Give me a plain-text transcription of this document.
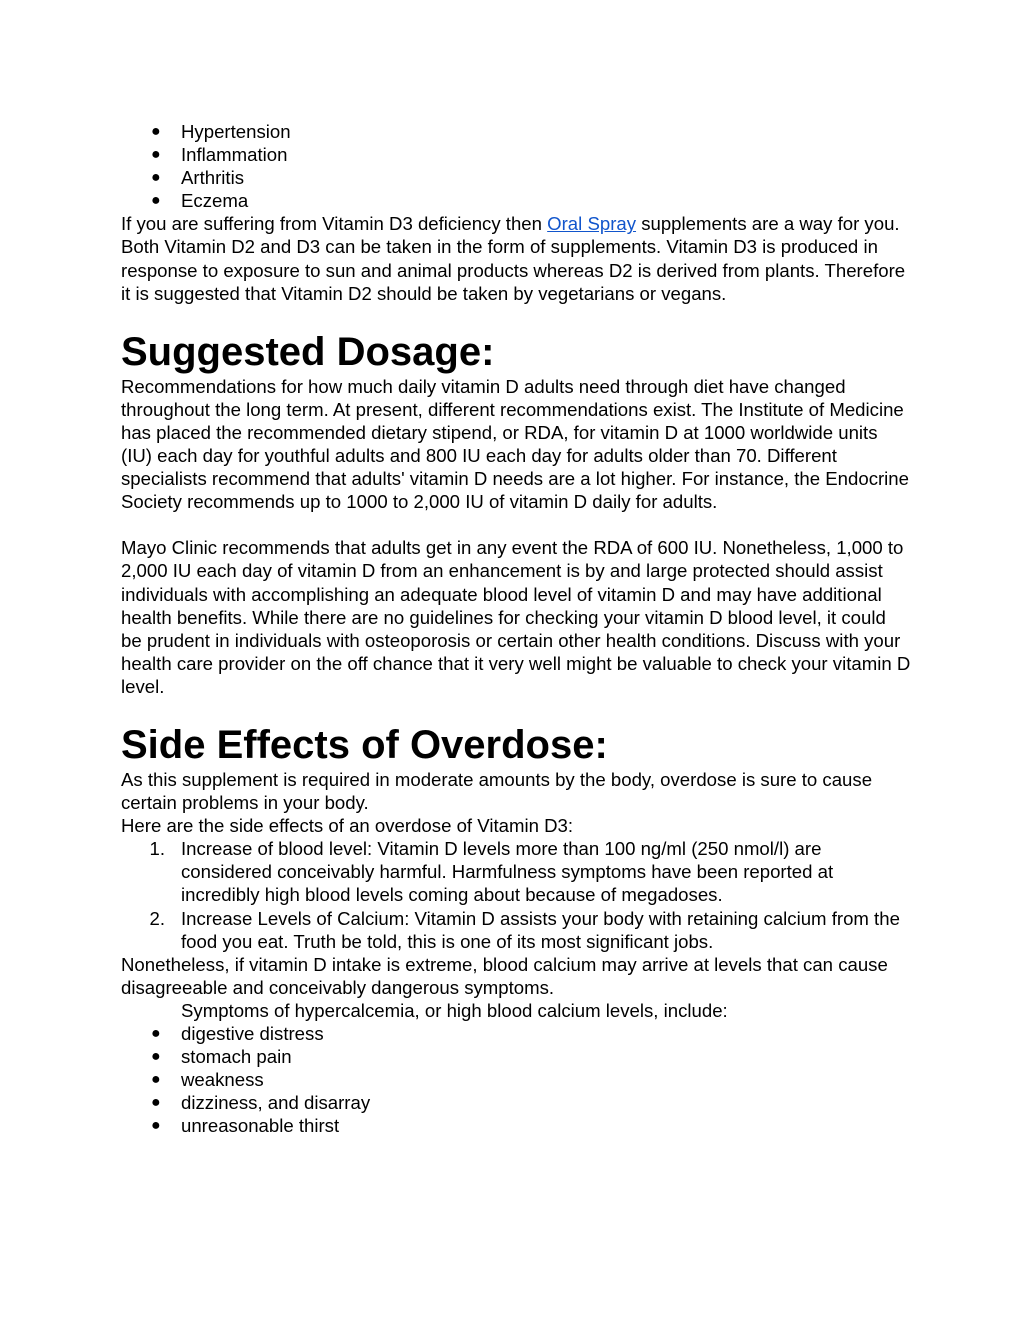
●	Hypertension
●	Inflammation
●	Arthritis
●	Eczema

If you are suffering from Vitamin D3 deficiency then Oral Spray supplements are a way for you. Both Vitamin D2 and D3 can be taken in the form of supplements. Vitamin D3 is produced in response to exposure to sun and animal products whereas D2 is derived from plants. Therefore it is suggested that Vitamin D2 should be taken by vegetarians or vegans.

Suggested Dosage:

Recommendations for how much daily vitamin D adults need through diet have changed throughout the long term. At present, different recommendations exist. The Institute of Medicine has placed the recommended dietary stipend, or RDA, for vitamin D at 1000 worldwide units (IU) each day for youthful adults and 800 IU each day for adults older than 70. Different specialists recommend that adults' vitamin D needs are a lot higher. For instance, the Endocrine Society recommends up to 1000 to 2,000 IU of vitamin D daily for adults.

Mayo Clinic recommends that adults get in any event the RDA of 600 IU. Nonetheless, 1,000 to 2,000 IU each day of vitamin D from an enhancement is by and large protected should assist individuals with accomplishing an adequate blood level of vitamin D and may have additional health benefits. While there are no guidelines for checking your vitamin D blood level, it could be prudent in individuals with osteoporosis or certain other health conditions. Discuss with your health care provider on the off chance that it very well might be valuable to check your vitamin D level.

Side Effects of Overdose:

As this supplement is required in moderate amounts by the body, overdose is sure to cause certain problems in your body.

Here are the side effects of an overdose of Vitamin D3:

1. Increase of blood level: Vitamin D levels more than 100 ng/ml (250 nmol/l) are considered conceivably harmful. Harmfulness symptoms have been reported at incredibly high blood levels coming about because of megadoses.
2. Increase Levels of Calcium: Vitamin D assists your body with retaining calcium from the food you eat. Truth be told, this is one of its most significant jobs.

Nonetheless, if vitamin D intake is extreme, blood calcium may arrive at levels that can cause disagreeable and conceivably dangerous symptoms.

Symptoms of hypercalcemia, or high blood calcium levels, include:

●	digestive distress
●	stomach pain
●	weakness
●	dizziness, and disarray
●	unreasonable thirst
